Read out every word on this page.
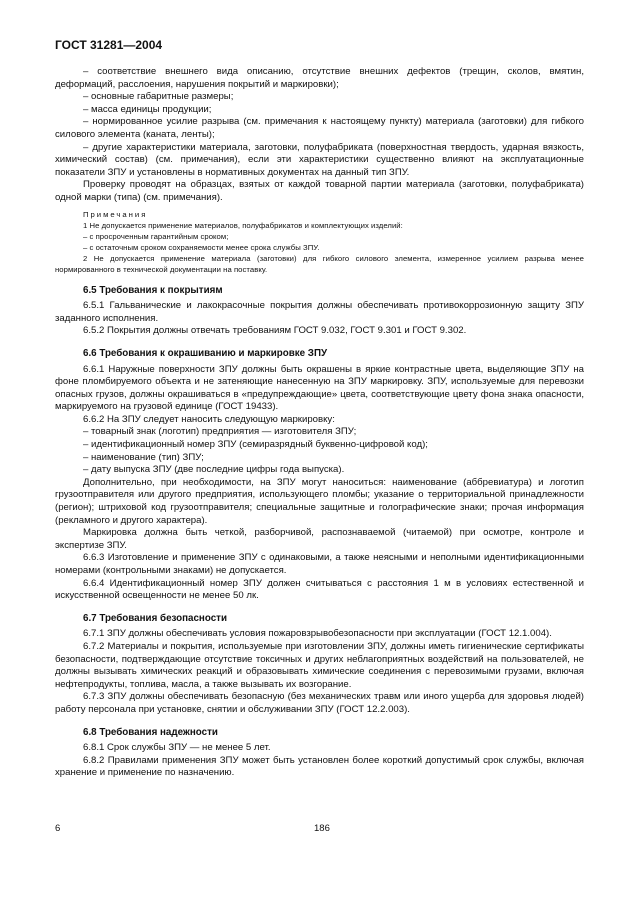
ГОСТ 31281—2004

– соответствие внешнего вида описанию, отсутствие внешних дефектов (трещин, сколов, вмятин, деформаций, расслоения, нарушения покрытий и маркировки);

– основные габаритные размеры;

– масса единицы продукции;

– нормированное усилие разрыва (см. примечания к настоящему пункту) материала (заготовки) для гибкого силового элемента (каната, ленты);

– другие характеристики материала, заготовки, полуфабриката (поверхностная твердость, ударная вязкость, химический состав) (см. примечания), если эти характеристики существенно влияют на эксплуатационные показатели ЗПУ и установлены в нормативных документах на данный тип ЗПУ.

Проверку проводят на образцах, взятых от каждой товарной партии материала (заготовки, полуфабриката) одной марки (типа) (см. примечания).

Примечания

1 Не допускается применение материалов, полуфабрикатов и комплектующих изделий:

– с просроченным гарантийным сроком;

– с остаточным сроком сохраняемости менее срока службы ЗПУ.

2 Не допускается применение материала (заготовки) для гибкого силового элемента, измеренное усилием разрыва менее нормированного в технической документации на поставку.

6.5 Требования к покрытиям

6.5.1 Гальванические и лакокрасочные покрытия должны обеспечивать противокоррозионную защиту ЗПУ заданного исполнения.

6.5.2 Покрытия должны отвечать требованиям ГОСТ 9.032, ГОСТ 9.301 и ГОСТ 9.302.

6.6 Требования к окрашиванию и маркировке ЗПУ

6.6.1 Наружные поверхности ЗПУ должны быть окрашены в яркие контрастные цвета, выделяющие ЗПУ на фоне пломбируемого объекта и не затеняющие нанесенную на ЗПУ маркировку. ЗПУ, используемые для перевозки опасных грузов, должны окрашиваться в «предупреждающие» цвета, соответствующие цвету фона знака опасности, маркируемого на грузовой единице (ГОСТ 19433).

6.6.2 На ЗПУ следует наносить следующую маркировку:

– товарный знак (логотип) предприятия — изготовителя ЗПУ;

– идентификационный номер ЗПУ (семиразрядный буквенно-цифровой код);

– наименование (тип) ЗПУ;

– дату выпуска ЗПУ (две последние цифры года выпуска).

Дополнительно, при необходимости, на ЗПУ могут наноситься: наименование (аббревиатура) и логотип грузоотправителя или другого предприятия, использующего пломбы; указание о территориальной принадлежности (регион); штриховой код грузоотправителя; специальные защитные и голографические знаки; прочая информация (рекламного и другого характера).

Маркировка должна быть четкой, разборчивой, распознаваемой (читаемой) при осмотре, контроле и экспертизе ЗПУ.

6.6.3 Изготовление и применение ЗПУ с одинаковыми, а также неясными и неполными идентификационными номерами (контрольными знаками) не допускается.

6.6.4 Идентификационный номер ЗПУ должен считываться с расстояния 1 м в условиях естественной и искусственной освещенности не менее 50 лк.

6.7 Требования безопасности

6.7.1 ЗПУ должны обеспечивать условия пожаровзрывобезопасности при эксплуатации (ГОСТ 12.1.004).

6.7.2 Материалы и покрытия, используемые при изготовлении ЗПУ, должны иметь гигиенические сертификаты безопасности, подтверждающие отсутствие токсичных и других неблагоприятных воздействий на пользователей, не должны вызывать химических реакций и образовывать химические соединения с перевозимыми грузами, включая нефтепродукты, топлива, масла, а также вызывать их возгорание.

6.7.3 ЗПУ должны обеспечивать безопасную (без механических травм или иного ущерба для здоровья людей) работу персонала при установке, снятии и обслуживании ЗПУ (ГОСТ 12.2.003).

6.8 Требования надежности

6.8.1 Срок службы ЗПУ — не менее 5 лет.

6.8.2 Правилами применения ЗПУ может быть установлен более короткий допустимый срок службы, включая хранение и применение по назначению.

6	186
